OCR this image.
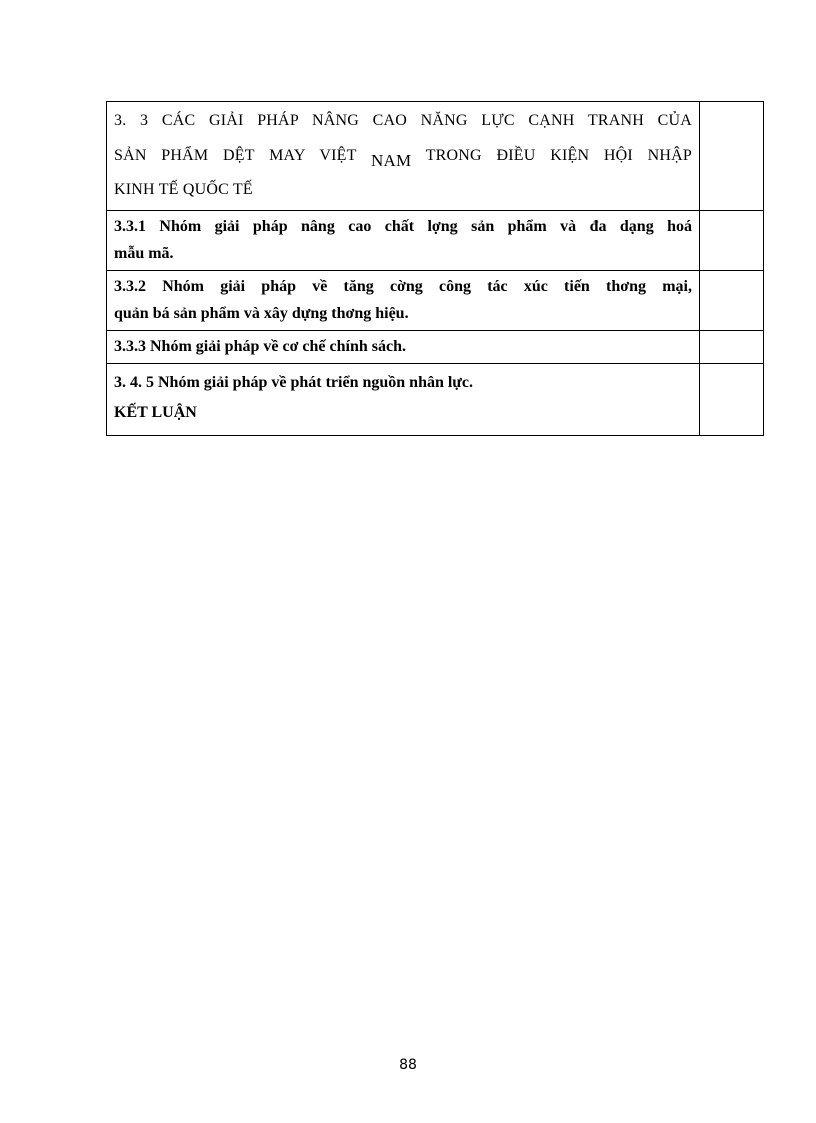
3. 3 CÁC GIẢI PHÁP NÂNG CAO NĂNG LỰC CẠNH TRANH CỦA
SẢN PHẨM DỆT MAY VIỆT NAM TRONG ĐIỀU KIỆN HỘI NHẬP
KINH TẾ QUỐC TẾ	

3.3.1 Nhóm giải pháp nâng cao chất lợng sản phẩm và đa dạng hoá
mẫu mã.	

3.3.2 Nhóm giải pháp về tăng cờng công tác xúc tiến thơng mại,
quản bá sản phẩm và xây dựng thơng hiệu.	

3.3.3 Nhóm giải pháp về cơ chế chính sách.	

3. 4. 5 Nhóm giải pháp về phát triển nguồn nhân lực.
KẾT LUẬN	

88
